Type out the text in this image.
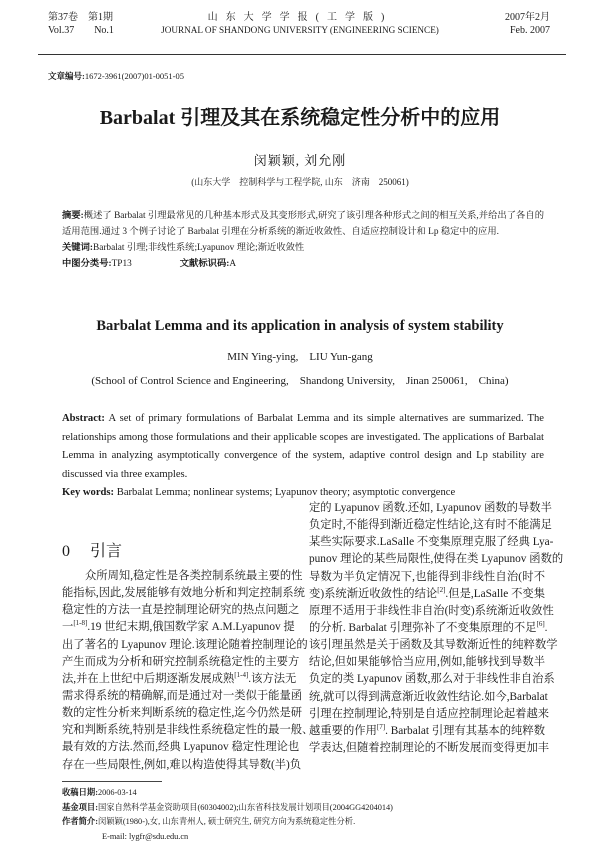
第37卷　第1期
Vol.37　　No.1
山东大学学报(工学版)
JOURNAL OF SHANDONG UNIVERSITY (ENGINEERING SCIENCE)
2007年2月
Feb. 2007
文章编号:1672-3961(2007)01-0051-05
Barbalat 引理及其在系统稳定性分析中的应用
闵颖颖, 刘允刚
(山东大学　控制科学与工程学院, 山东　济南　250061)

摘要:概述了 Barbalat 引理最常见的几种基本形式及其变形形式,研究了该引理各种形式之间的相互关系,并给出了各自的适用范围.通过 3 个例子讨论了 Barbalat 引理在分析系统的渐近收敛性、自适应控制设计和 Lp 稳定中的应用.

关键词:Barbalat 引理;非线性系统;Lyapunov 理论;渐近收敛性

中图分类号:TP13	文献标识码:A

Barbalat Lemma and its application in analysis of system stability
MIN Ying-ying,　LIU Yun-gang
(School of Control Science and Engineering,　Shandong University,　Jinan 250061,　China)

Abstract: A set of primary formulations of Barbalat Lemma and its simple alternatives are summarized. The relationships among those formulations and their applicable scopes are investigated. The applications of Barbalat Lemma in analyzing asymptotically convergence of the system, adaptive control design and Lp stability are discussed via three examples.

Key words: Barbalat Lemma; nonlinear systems; Lyapunov theory; asymptotic convergence

0 引言
众所周知,稳定性是各类控制系统最主要的性
能指标,因此,发展能够有效地分析和判定控制系统
稳定性的方法一直是控制理论研究的热点问题之
一[1-8].19 世纪末期,俄国数学家 A.M.Lyapunov 提
出了著名的 Lyapunov 理论.该理论随着控制理论的
产生而成为分析和研究控制系统稳定性的主要方
法,并在上世纪中后期逐渐发展成熟[1-4].该方法无
需求得系统的精确解,而是通过对一类似于能量函
数的定性分析来判断系统的稳定性,迄今仍然是研
究和判断系统,特别是非线性系统稳定性的最一般、
最有效的方法.然而,经典 Lyapunov 稳定性理论也
存在一些局限性,例如,难以构造使得其导数(半)负
定的 Lyapunov 函数.还如, Lyapunov 函数的导数半
负定时,不能得到渐近稳定性结论,这有时不能满足
某些实际要求.LaSalle 不变集原理克服了经典 Lya-
punov 理论的某些局限性,使得在类 Lyapunov 函数的
导数为半负定情况下,也能得到非线性自治(时不
变)系统渐近收敛性的结论[2].但是,LaSalle 不变集
原理不适用于非线性非自治(时变)系统渐近收敛性
的分析. Barbalat 引理弥补了不变集原理的不足[6].
该引理虽然是关于函数及其导数渐近性的纯粹数学
结论,但如果能够恰当应用,例如,能够找到导数半
负定的类 Lyapunov 函数,那么对于非线性非自治系
统,就可以得到满意渐近收敛性结论.如今,Barbalat
引理在控制理论,特别是自适应控制理论起着越来
越重要的作用[7]. Barbalat 引理有其基本的纯粹数
学表达,但随着控制理论的不断发展而变得更加丰
收稿日期:2006-03-14
基金项目:国家自然科学基金资助项目(60304002);山东省科技发展计划项目(2004GG4204014)
作者简介:闵颖颖(1980-),女, 山东青州人, 硕士研究生, 研究方向为系统稳定性分析.
E-mail: lygfr@sdu.edu.cn
